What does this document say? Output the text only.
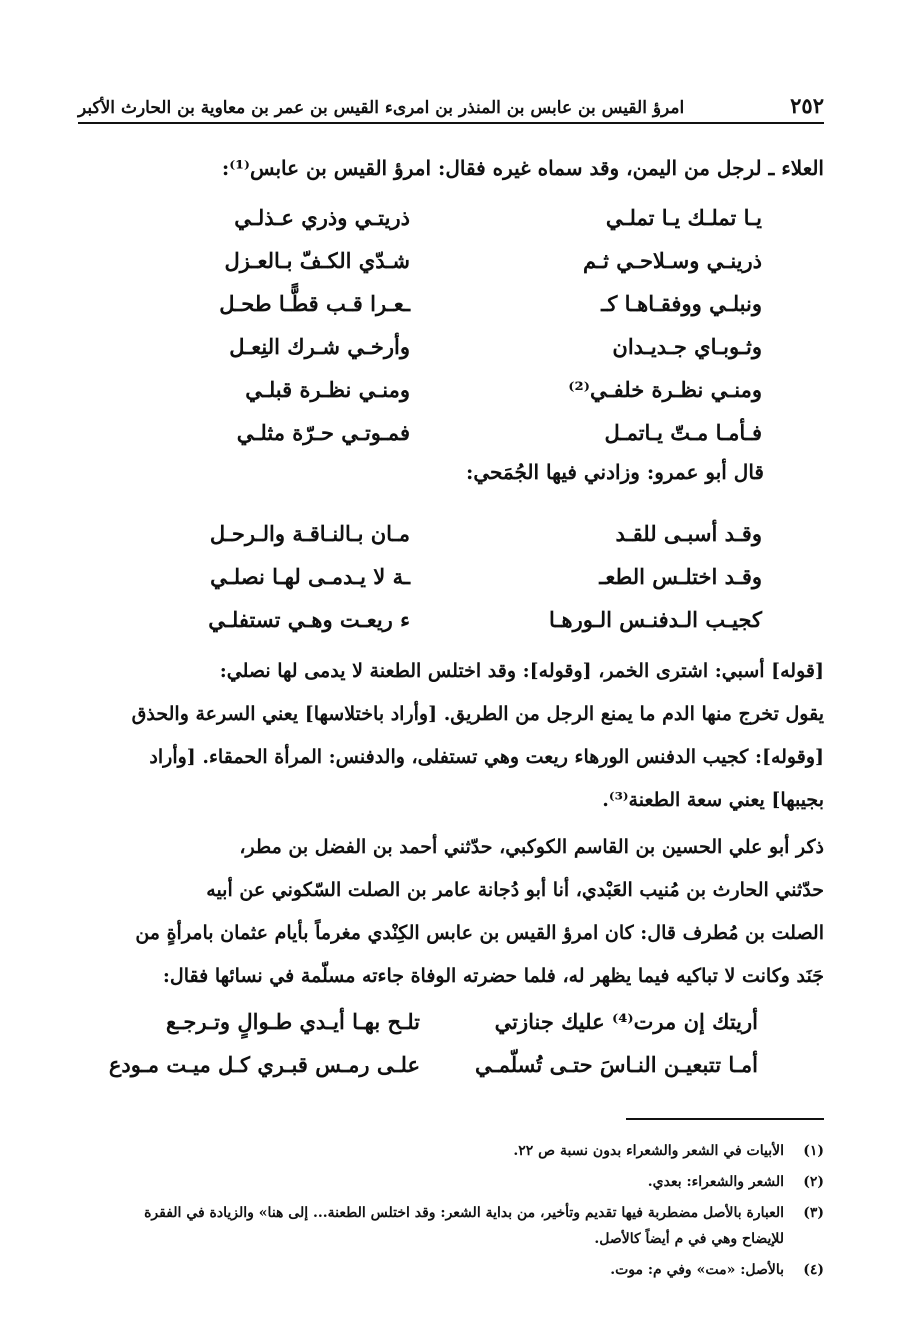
٢٥٢
امرؤ القيس بن عابس بن المنذر بن امرىء القيس بن عمر بن معاوية بن الحارث الأكبر
العلاء ـ لرجل من اليمن، وقد سماه غيره فقال: امرؤ القيس بن عابس⁽¹⁾:
يـا تملـك يـا تملـي
ذريتـي وذري عـذلـي
ذرينـي وسـلاحـي ثـم
شـدّي الكـفّ بـالعـزل
ونبلـي ووفقـاهـا كـ
ـعـرا قـب قطًّـا طحـل
وثـوبـاي جـديـدان
وأرخـي شـرك النِعـل
ومنـي نظـرة خلفـي⁽²⁾
ومنـي نظـرة قبلـي
فـأمـا مـتّ يـاتمـل
فمـوتـي حـرّة مثلـي
قال أبو عمرو: وزادني فيها الجُمَحي:
وقـد أسبـى للقـد
مـان بـالنـاقـة والـرحـل
وقـد اختلـس الطعـ
ـة لا يـدمـى لهـا نصلـي
كجيـب الـدفنـس الـورهـا
ء ريعـت وهـي تستفلـي
[قوله] أسبي: اشترى الخمر، [وقوله]: وقد اختلس الطعنة لا يدمى لها نصلي:
يقول تخرج منها الدم ما يمنع الرجل من الطريق. [وأراد باختلاسها] يعني السرعة والحذق
[وقوله]: كجيب الدفنس الورهاء ريعت وهي تستفلى، والدفنس: المرأة الحمقاء. [وأراد
بجيبها] يعني سعة الطعنة⁽³⁾.
ذكر أبو علي الحسين بن القاسم الكوكبي، حدّثني أحمد بن الفضل بن مطر،
حدّثني الحارث بن مُنيب العَبْدي، أنا أبو دُجانة عامر بن الصلت السّكوني عن أبيه
الصلت بن مُطرف قال: كان امرؤ القيس بن عابس الكِنْدي مغرماً بأيام عثمان بامرأةٍ من
جَنَد وكانت لا تباكيه فيما يظهر له، فلما حضرته الوفاة جاءته مسلّمة في نسائها فقال:
أريتك إن مرت⁽⁴⁾ عليك جنازتي
تلـح بهـا أيـدي طـوالٍ وتـرجـع
أمـا تتبعيـن النـاسَ حتـى تُسلّمـي
علـى رمـس قبـري كـل ميـت مـودع
(١)
الأبيات في الشعر والشعراء بدون نسبة ص ٢٢.
(٢)
الشعر والشعراء: بعدي.
(٣)
العبارة بالأصل مضطربة فيها تقديم وتأخير، من بداية الشعر: وقد اختلس الطعنة... إلى هنا» والزيادة في الفقرة للإيضاح وهي في م أيضاً كالأصل.
(٤)
بالأصل: «مت» وفي م: موت.
